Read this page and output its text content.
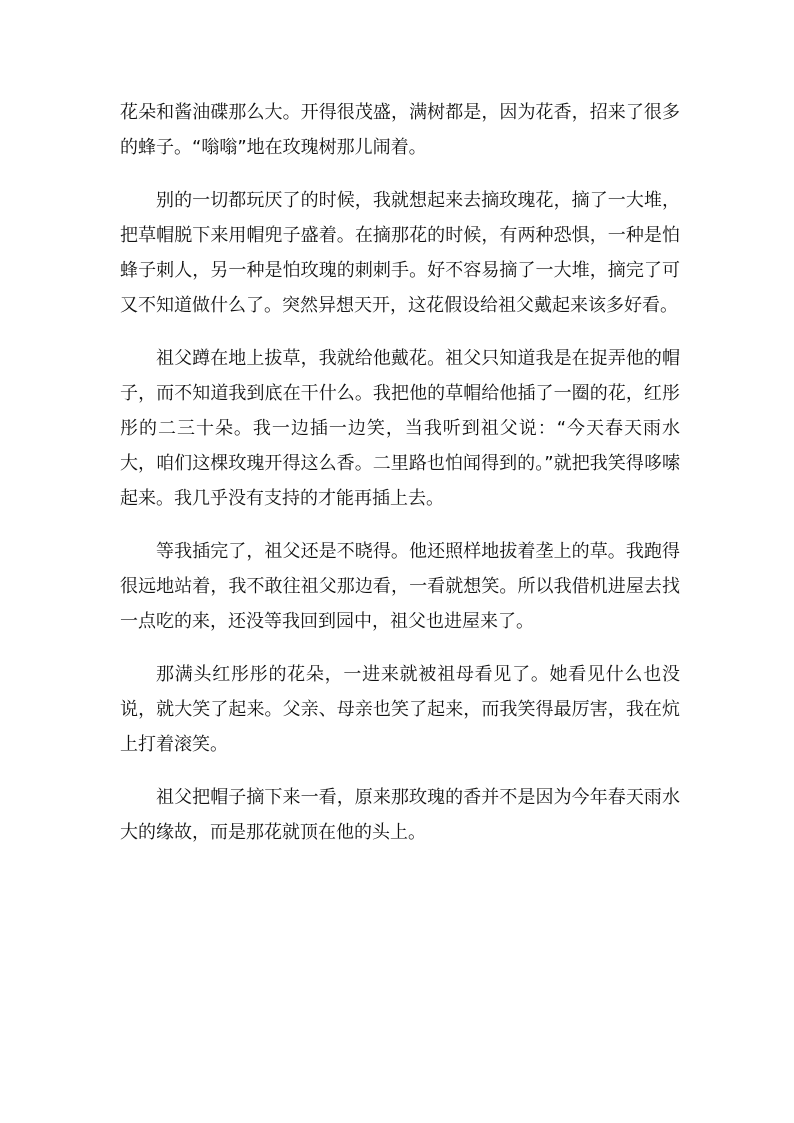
花朵和酱油碟那么大。开得很茂盛，满树都是，因为花香，招来了很多的蜂子。“嗡嗡”地在玫瑰树那儿闹着。

别的一切都玩厌了的时候，我就想起来去摘玫瑰花，摘了一大堆，把草帽脱下来用帽兜子盛着。在摘那花的时候，有两种恐惧，一种是怕蜂子刺人，另一种是怕玫瑰的刺刺手。好不容易摘了一大堆，摘完了可又不知道做什么了。突然异想天开，这花假设给祖父戴起来该多好看。

祖父蹲在地上拔草，我就给他戴花。祖父只知道我是在捉弄他的帽子，而不知道我到底在干什么。我把他的草帽给他插了一圈的花，红彤彤的二三十朵。我一边插一边笑，当我听到祖父说：“今天春天雨水大，咱们这棵玫瑰开得这么香。二里路也怕闻得到的。”就把我笑得哆嗦起来。我几乎没有支持的才能再插上去。

等我插完了，祖父还是不晓得。他还照样地拔着垄上的草。我跑得很远地站着，我不敢往祖父那边看，一看就想笑。所以我借机进屋去找一点吃的来，还没等我回到园中，祖父也进屋来了。

那满头红彤彤的花朵，一进来就被祖母看见了。她看见什么也没说，就大笑了起来。父亲、母亲也笑了起来，而我笑得最厉害，我在炕上打着滚笑。

祖父把帽子摘下来一看，原来那玫瑰的香并不是因为今年春天雨水大的缘故，而是那花就顶在他的头上。
